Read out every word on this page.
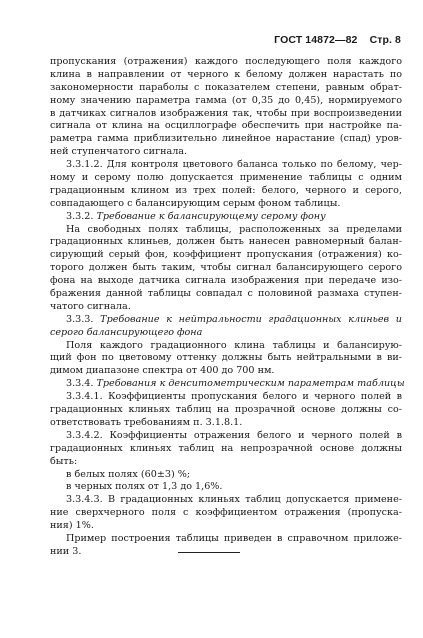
ГОСТ 14872—82 Стр. 8
пропускания (отражения) каждого последующего поля каждого
клина в направлении от черного к белому должен нарастать по
закономерности параболы с показателем степени, равным обрат-
ному значению параметра гамма (от 0,35 до 0,45), нормируемого
в датчиках сигналов изображения так, чтобы при воспроизведении
сигнала от клина на осциллографе обеспечить при настройке па-
раметра гамма приблизительно линейное нарастание (спад) уров-
ней ступенчатого сигнала.
3.3.1.2. Для контроля цветового баланса только по белому, чер-
ному и серому полю допускается применение таблицы с одним
градационным клином из трех полей: белого, черного и серого,
совпадающего с балансирующим серым фоном таблицы.
3.3.2. Требование к балансирующему серому фону
На свободных полях таблицы, расположенных за пределами
градационных клиньев, должен быть нанесен равномерный балан-
сирующий серый фон, коэффициент пропускания (отражения) ко-
торого должен быть таким, чтобы сигнал балансирующего серого
фона на выходе датчика сигнала изображения при передаче изо-
бражения данной таблицы совпадал с половиной размаха ступен-
чатого сигнала.
3.3.3. Требование к нейтральности градационных клиньев и
серого балансирующего фона
Поля каждого градационного клина таблицы и балансирую-
щий фон по цветовому оттенку должны быть нейтральными в ви-
димом диапазоне спектра от 400 до 700 нм.
3.3.4. Требования к денситометрическим параметрам таблицы
3.3.4.1. Коэффициенты пропускания белого и черного полей в
градационных клиньях таблиц на прозрачной основе должны со-
ответствовать требованиям п. 3.1.8.1.
3.3.4.2. Коэффициенты отражения белого и черного полей в
градационных клиньях таблиц на непрозрачной основе должны
быть:
в белых полях (60±3) %;
в черных полях от 1,3 до 1,6%.
3.3.4.3. В градационных клиньях таблиц допускается примене-
ние сверхчерного поля с коэффициентом отражения (пропуска-
ния) 1%.
Пример построения таблицы приведен в справочном приложе-
нии 3.
